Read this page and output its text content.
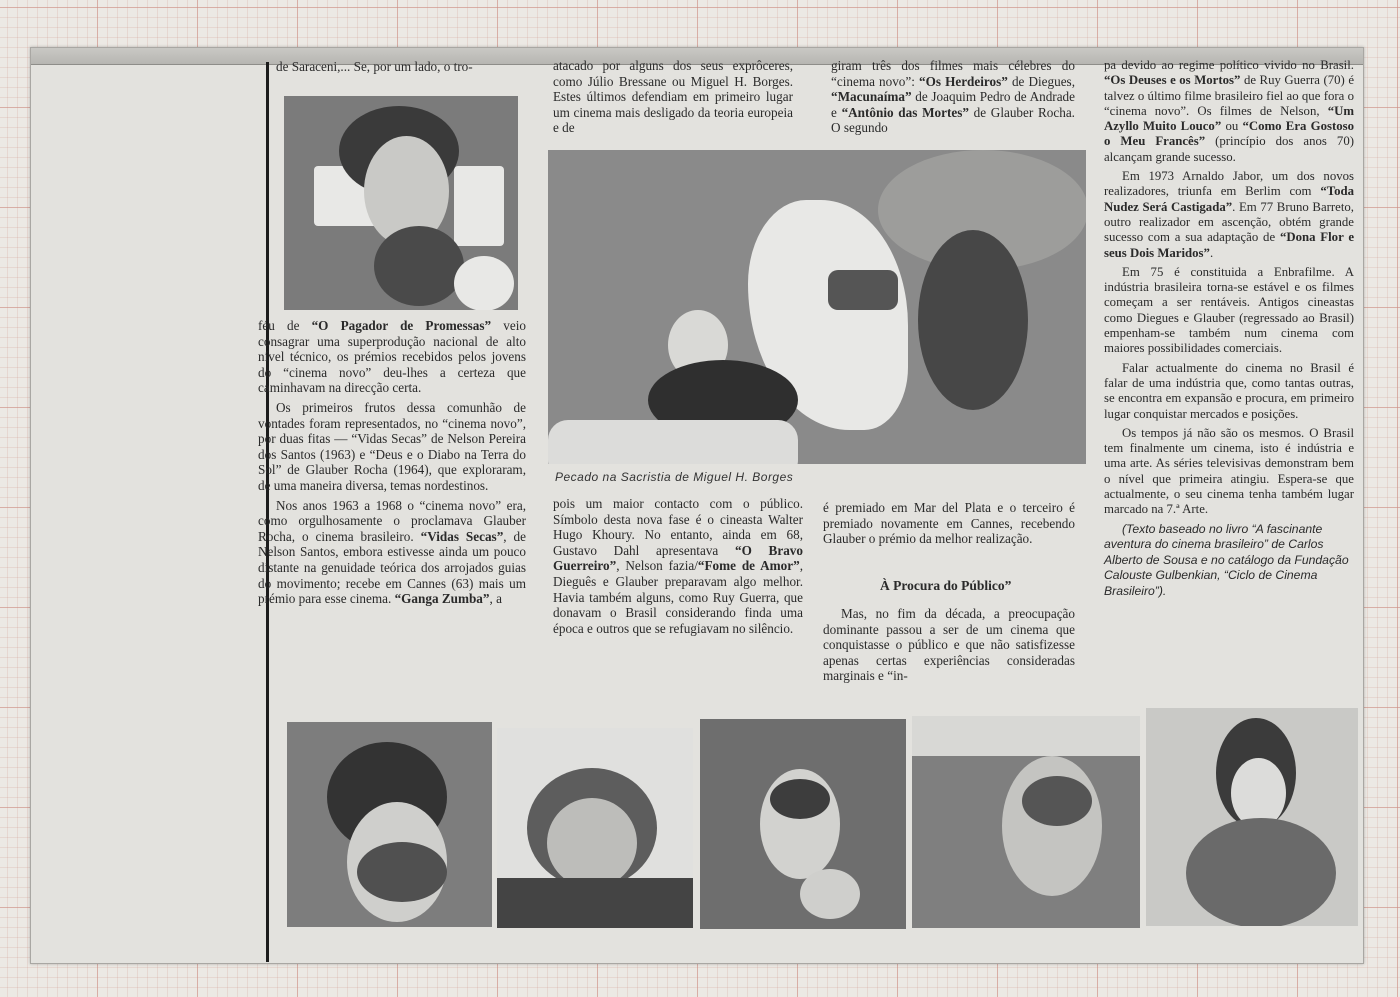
Pecado na Sacristia de Miguel H. Borges

de Saraceni,... Se, por um lado, o tro-

féu de “O Pagador de Promessas” veio consagrar uma superprodução nacional de alto nível técnico, os prémios recebidos pelos jovens do “cinema novo” deu-lhes a certeza que caminhavam na direcção certa.

Os primeiros frutos dessa comunhão de vontades foram representados, no “cinema novo”, por duas fitas — “Vidas Secas” de Nelson Pereira dos Santos (1963) e “Deus e o Diabo na Terra do Sol” de Glauber Rocha (1964), que exploraram, de uma maneira diversa, temas nordestinos.

Nos anos 1963 a 1968 o “cinema novo” era, como orgulhosamente o proclamava Glauber Rocha, o cinema brasileiro. “Vidas Secas”, de Nelson Santos, embora estivesse ainda um pouco distante na genuidade teórica dos arrojados guias do movimento; recebe em Cannes (63) mais um prémio para esse cinema. “Ganga Zumba”, a

atacado por alguns dos seus exprôceres, como Júlio Bressane ou Miguel H. Borges. Estes últimos defendiam em primeiro lugar um cinema mais desligado da teoria europeia e de

pois um maior contacto com o público. Símbolo desta nova fase é o cineasta Walter Hugo Khoury. No entanto, ainda em 68, Gustavo Dahl apresentava “O Bravo Guerreiro”, Nelson fazia/“Fome de Amor”, Dieguês e Glauber preparavam algo melhor. Havia também alguns, como Ruy Guerra, que donavam o Brasil considerando finda uma época e outros que se refugiavam no silêncio.

giram três dos filmes mais célebres do “cinema novo”: “Os Herdeiros” de Diegues, “Macunaíma” de Joaquim Pedro de Andrade e “Antônio das Mortes” de Glauber Rocha. O segundo

é premiado em Mar del Plata e o terceiro é premiado novamente em Cannes, recebendo Glauber o prémio da melhor realização.

À Procura do Público”

Mas, no fim da década, a preocupação dominante passou a ser de um cinema que conquistasse o público e que não satisfizesse apenas certas experiências consideradas marginais e “in-

pa devido ao regime político vivido no Brasil. “Os Deuses e os Mortos” de Ruy Guerra (70) é talvez o último filme brasileiro fiel ao que fora o “cinema novo”. Os filmes de Nelson, “Um Azyllo Muito Louco” ou “Como Era Gostoso o Meu Francês” (princípio dos anos 70) alcançam grande sucesso.

Em 1973 Arnaldo Jabor, um dos novos realizadores, triunfa em Berlim com “Toda Nudez Será Castigada”. Em 77 Bruno Barreto, outro realizador em ascenção, obtém grande sucesso com a sua adaptação de “Dona Flor e seus Dois Maridos”.

Em 75 é constituida a Enbrafilme. A indústria brasileira torna-se estável e os filmes começam a ser rentáveis. Antigos cineastas como Diegues e Glauber (regressado ao Brasil) empenham-se também num cinema com maiores possibilidades comerciais.

Falar actualmente do cinema no Brasil é falar de uma indústria que, como tantas outras, se encontra em expansão e procura, em primeiro lugar conquistar mercados e posições.

Os tempos já não são os mesmos. O Brasil tem finalmente um cinema, isto é indústria e uma arte. As séries televisivas demonstram bem o nível que primeira atingiu. Espera-se que actualmente, o seu cinema tenha também lugar marcado na 7.ª Arte.

(Texto baseado no livro “A fascinante aventura do cinema brasileiro” de Carlos Alberto de Sousa e no catálogo da Fundação Calouste Gulbenkian, “Ciclo de Cinema Brasileiro”).
